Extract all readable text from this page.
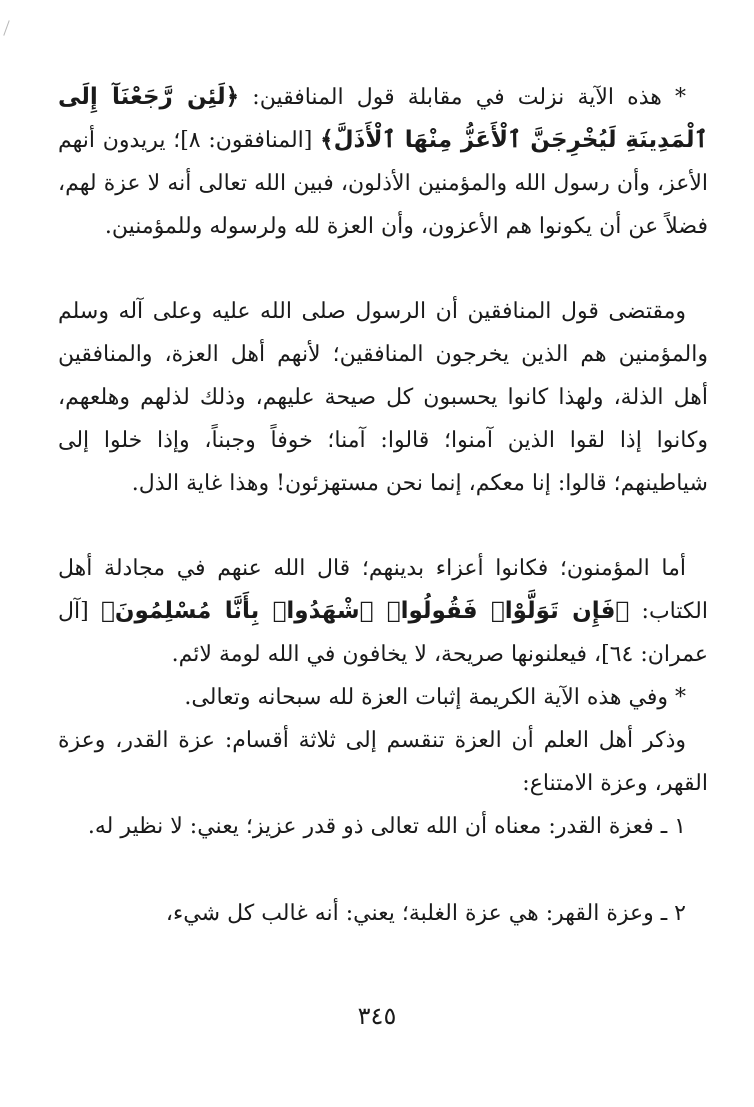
* هذه الآية نزلت في مقابلة قول المنافقين: ﴿لَئِن رَّجَعْنَآ إِلَى ٱلْمَدِينَةِ لَيُخْرِجَنَّ ٱلْأَعَزُّ مِنْهَا ٱلْأَذَلَّ﴾ [المنافقون: ٨]؛ يريدون أنهم الأعز، وأن رسول الله والمؤمنين الأذلون، فبين الله تعالى أنه لا عزة لهم، فضلاً عن أن يكونوا هم الأعزون، وأن العزة لله ولرسوله وللمؤمنين.

ومقتضى قول المنافقين أن الرسول صلى الله عليه وعلى آله وسلم والمؤمنين هم الذين يخرجون المنافقين؛ لأنهم أهل العزة، والمنافقين أهل الذلة، ولهذا كانوا يحسبون كل صيحة عليهم، وذلك لذلهم وهلعهم، وكانوا إذا لقوا الذين آمنوا؛ قالوا: آمنا؛ خوفاً وجبناً، وإذا خلوا إلى شياطينهم؛ قالوا: إنا معكم، إنما نحن مستهزئون! وهذا غاية الذل.

أما المؤمنون؛ فكانوا أعزاء بدينهم؛ قال الله عنهم في مجادلة أهل الكتاب: ﴿فَإِن تَوَلَّوْا۟ فَقُولُوا۟ ٱشْهَدُوا۟ بِأَنَّا مُسْلِمُونَ﴾ [آل عمران: ٦٤]، فيعلنونها صريحة، لا يخافون في الله لومة لائم.

* وفي هذه الآية الكريمة إثبات العزة لله سبحانه وتعالى.

وذكر أهل العلم أن العزة تنقسم إلى ثلاثة أقسام: عزة القدر، وعزة القهر، وعزة الامتناع:

١ ـ فعزة القدر: معناه أن الله تعالى ذو قدر عزيز؛ يعني: لا نظير له.

٢ ـ وعزة القهر: هي عزة الغلبة؛ يعني: أنه غالب كل شيء،

٣٤٥
